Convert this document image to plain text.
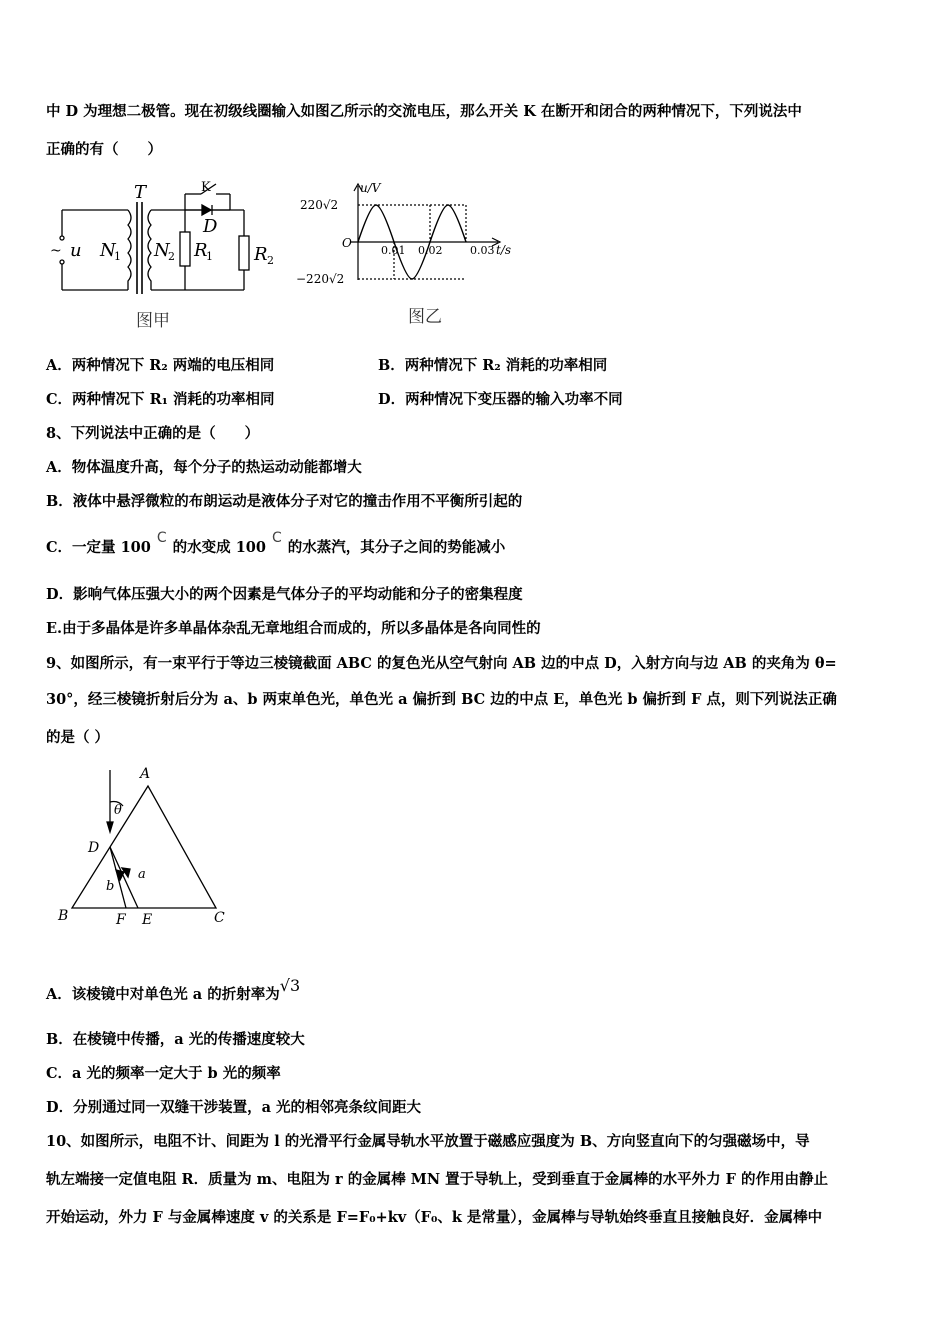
中 D 为理想二极管。现在初级线圈输入如图乙所示的交流电压，那么开关 K 在断开和闭合的两种情况下，下列说法中
正确的有（　　）
T	K
D
~ u N
1 N
2 R
1 R 2
图甲
u/V
220√2
O
0.01 0.02	0.03 t/s
−220√2
图乙
A．两种情况下 R₂ 两端的电压相同	B．两种情况下 R₂ 消耗的功率相同
C．两种情况下 R₁ 消耗的功率相同	D．两种情况下变压器的输入功率不同
8、下列说法中正确的是（　　）
A．物体温度升高，每个分子的热运动动能都增大
B．液体中悬浮微粒的布朗运动是液体分子对它的撞击作用不平衡所引起的
C．一定量 100C的水变成 100C的水蒸汽，其分子之间的势能减小
D．影响气体压强大小的两个因素是气体分子的平均动能和分子的密集程度
E.由于多晶体是许多单晶体杂乱无章地组合而成的，所以多晶体是各向同性的
9、如图所示，有一束平行于等边三棱镜截面 ABC 的复色光从空气射向 AB 边的中点 D，入射方向与边 AB 的夹角为 θ=
30°，经三棱镜折射后分为 a、b 两束单色光，单色光 a 偏折到 BC 边的中点 E，单色光 b 偏折到 F 点，则下列说法正确
的是（ ）
A
D
θ
a
b
B	F E	C
A．该棱镜中对单色光 a 的折射率为√3
B．在棱镜中传播，a 光的传播速度较大
C．a 光的频率一定大于 b 光的频率
D．分别通过同一双缝干涉装置，a 光的相邻亮条纹间距大
10、如图所示，电阻不计、间距为 l 的光滑平行金属导轨水平放置于磁感应强度为 B、方向竖直向下的匀强磁场中，导
轨左端接一定值电阻 R．质量为 m、电阻为 r 的金属棒 MN 置于导轨上，受到垂直于金属棒的水平外力 F 的作用由静止
开始运动，外力 F 与金属棒速度 v 的关系是 F=F₀+kv（F₀、k 是常量），金属棒与导轨始终垂直且接触良好．金属棒中
